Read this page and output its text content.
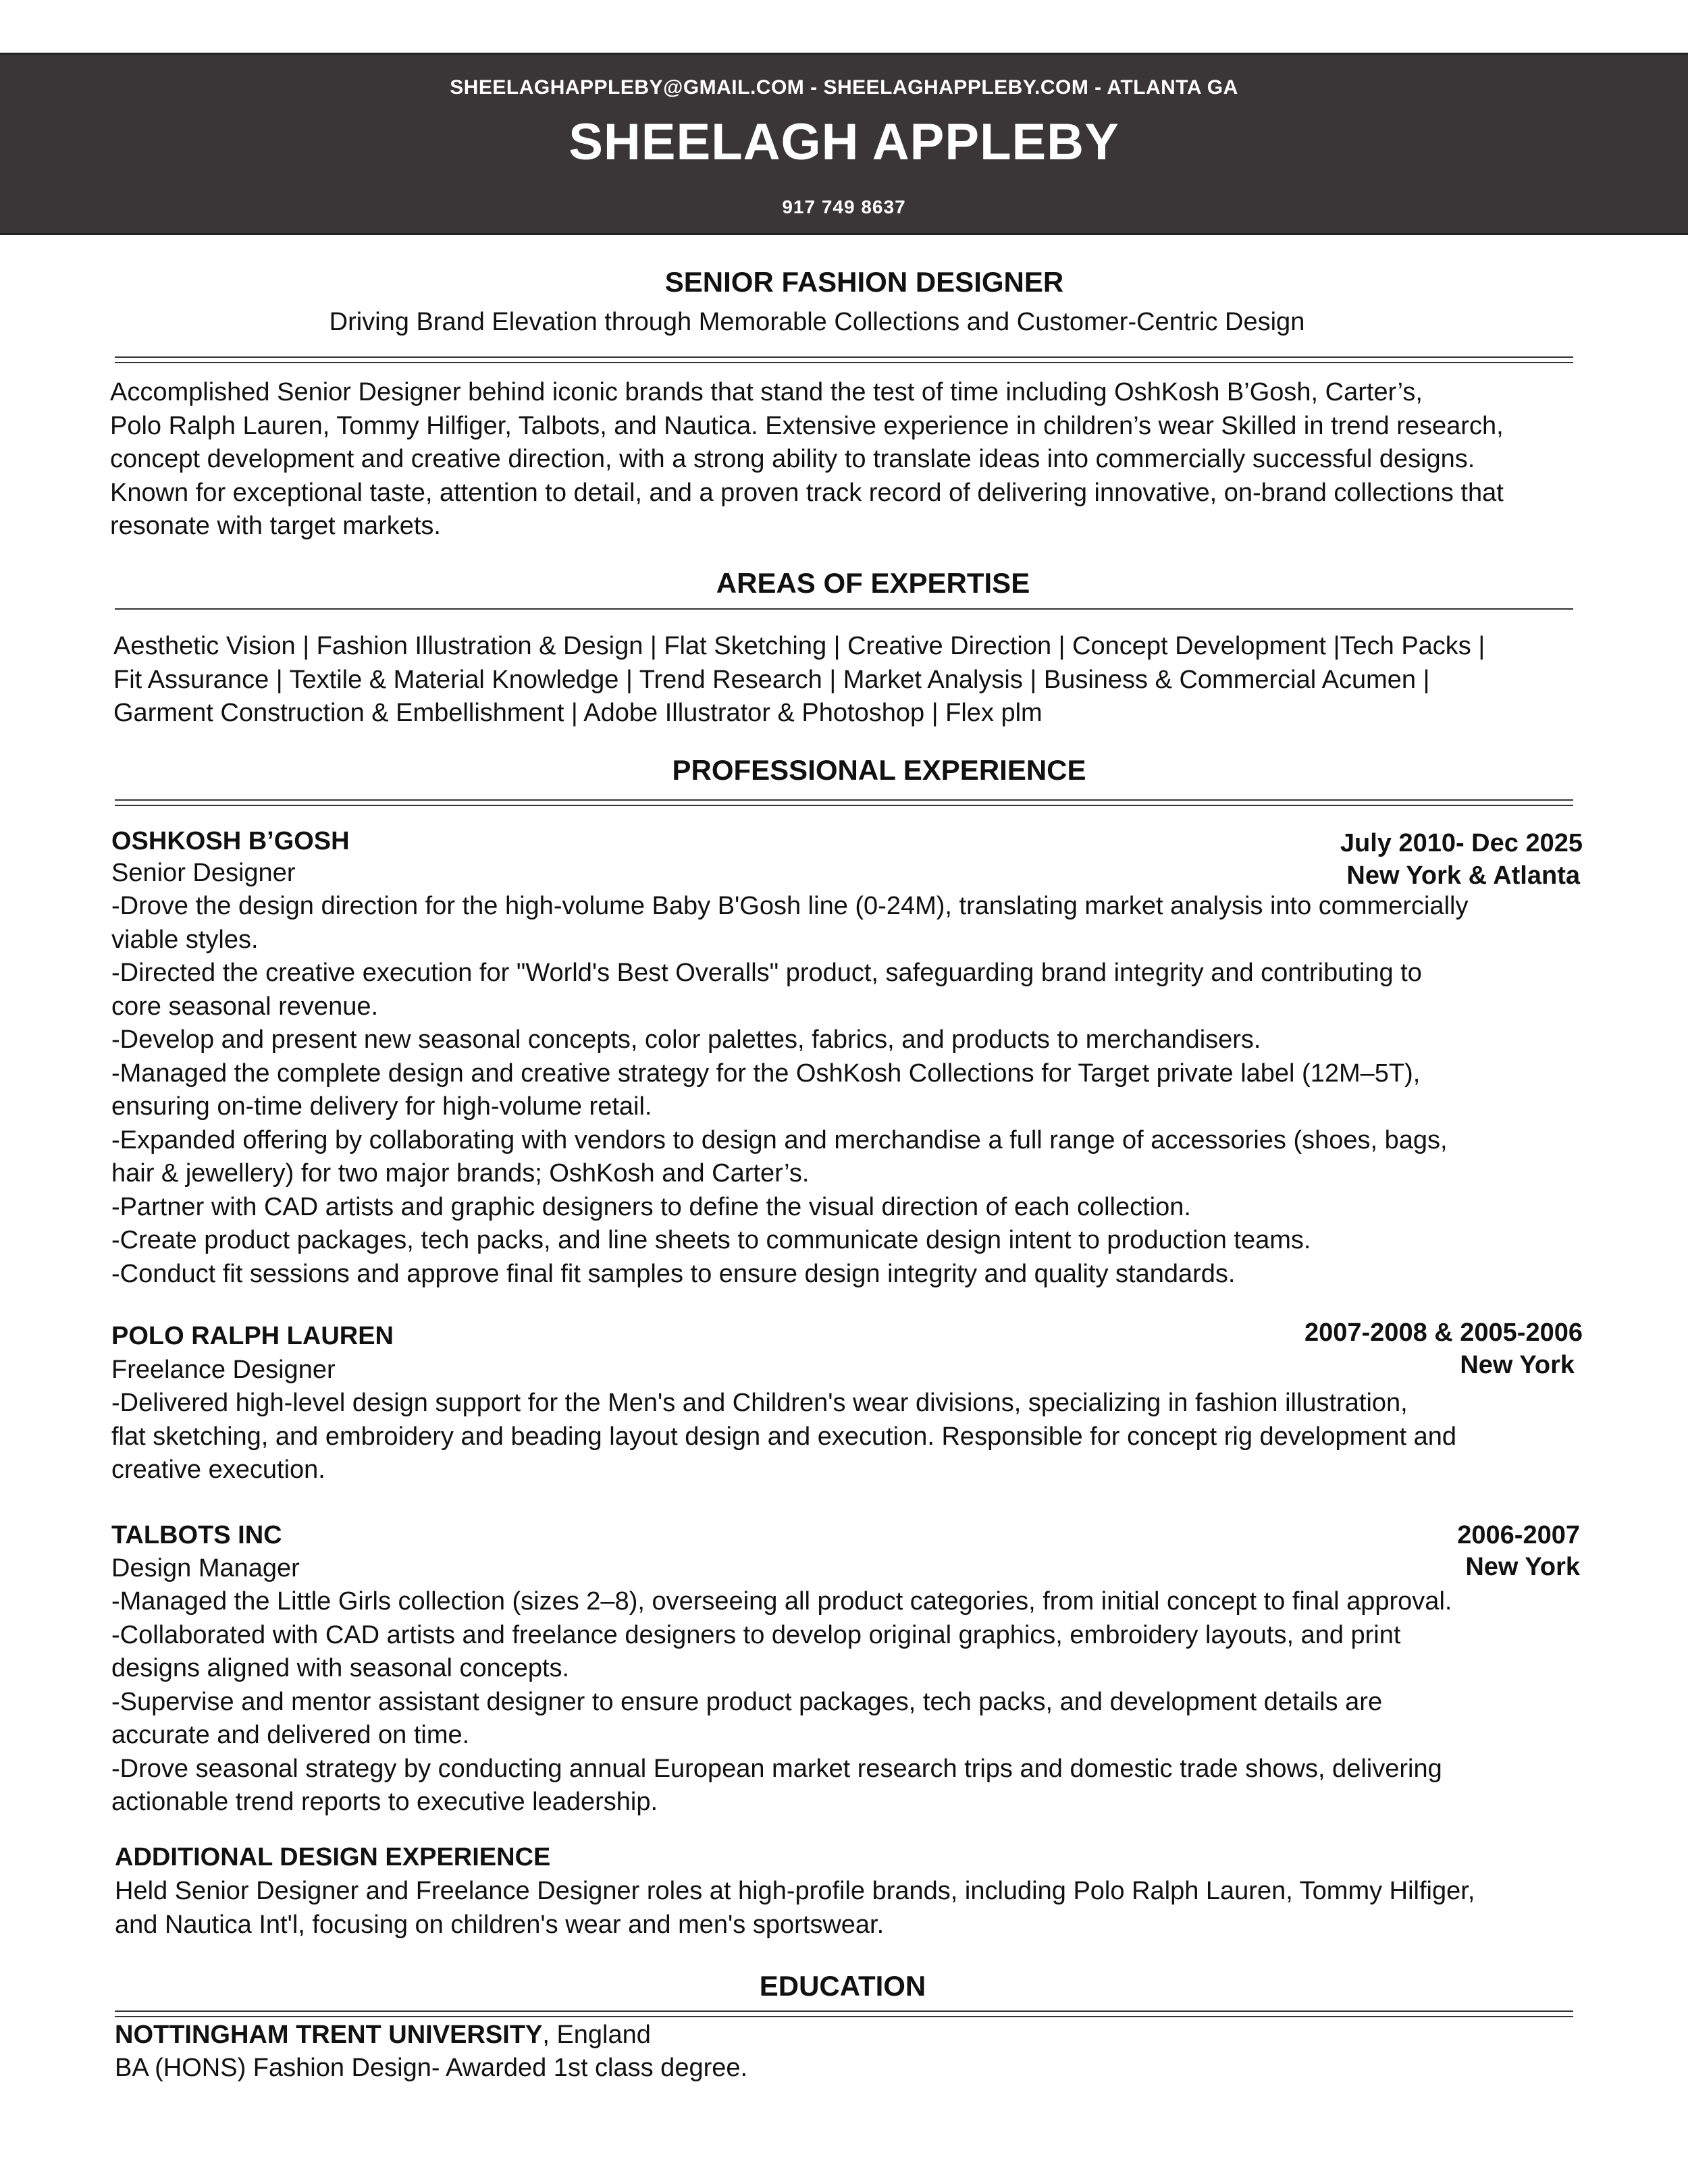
SHEELAGHAPPLEBY@GMAIL.COM - SHEELAGHAPPLEBY.COM - ATLANTA GA
SHEELAGH APPLEBY
917 749 8637
SENIOR FASHION DESIGNER
Driving Brand Elevation through Memorable Collections and Customer-Centric Design
Accomplished Senior Designer behind iconic brands that stand the test of time including OshKosh B’Gosh, Carter’s,
Polo Ralph Lauren, Tommy Hilfiger, Talbots, and Nautica. Extensive experience in children’s wear Skilled in trend research,
concept development and creative direction, with a strong ability to translate ideas into commercially successful designs.
Known for exceptional taste, attention to detail, and a proven track record of delivering innovative, on-brand collections that
resonate with target markets.
AREAS OF EXPERTISE
Aesthetic Vision | Fashion Illustration & Design | Flat Sketching | Creative Direction | Concept Development |Tech Packs |
Fit Assurance | Textile & Material Knowledge | Trend Research | Market Analysis | Business & Commercial Acumen |
Garment Construction & Embellishment | Adobe Illustrator & Photoshop | Flex plm
PROFESSIONAL EXPERIENCE
OSHKOSH B’GOSH
Senior Designer
July 2010- Dec 2025
New York & Atlanta
-Drove the design direction for the high-volume Baby B'Gosh line (0-24M), translating market analysis into commercially
viable styles.
-Directed the creative execution for "World's Best Overalls" product, safeguarding brand integrity and contributing to
core seasonal revenue.
-Develop and present new seasonal concepts, color palettes, fabrics, and products to merchandisers.
-Managed the complete design and creative strategy for the OshKosh Collections for Target private label (12M–5T),
ensuring on-time delivery for high-volume retail.
-Expanded offering by collaborating with vendors to design and merchandise a full range of accessories (shoes, bags,
hair & jewellery) for two major brands; OshKosh and Carter’s.
-Partner with CAD artists and graphic designers to define the visual direction of each collection.
-Create product packages, tech packs, and line sheets to communicate design intent to production teams.
-Conduct fit sessions and approve final fit samples to ensure design integrity and quality standards.
POLO RALPH LAUREN
Freelance Designer
2007-2008 & 2005-2006
New York
-Delivered high-level design support for the Men's and Children's wear divisions, specializing in fashion illustration,
flat sketching, and embroidery and beading layout design and execution. Responsible for concept rig development and
creative execution.
TALBOTS INC
Design Manager
2006-2007
New York
-Managed the Little Girls collection (sizes 2–8), overseeing all product categories, from initial concept to final approval.
-Collaborated with CAD artists and freelance designers to develop original graphics, embroidery layouts, and print
designs aligned with seasonal concepts.
-Supervise and mentor assistant designer to ensure product packages, tech packs, and development details are
accurate and delivered on time.
-Drove seasonal strategy by conducting annual European market research trips and domestic trade shows, delivering
actionable trend reports to executive leadership.
ADDITIONAL DESIGN EXPERIENCE
Held Senior Designer and Freelance Designer roles at high-profile brands, including Polo Ralph Lauren, Tommy Hilfiger,
and Nautica Int'l, focusing on children's wear and men's sportswear.
EDUCATION
NOTTINGHAM TRENT UNIVERSITY, England
BA (HONS) Fashion Design- Awarded 1st class degree.
